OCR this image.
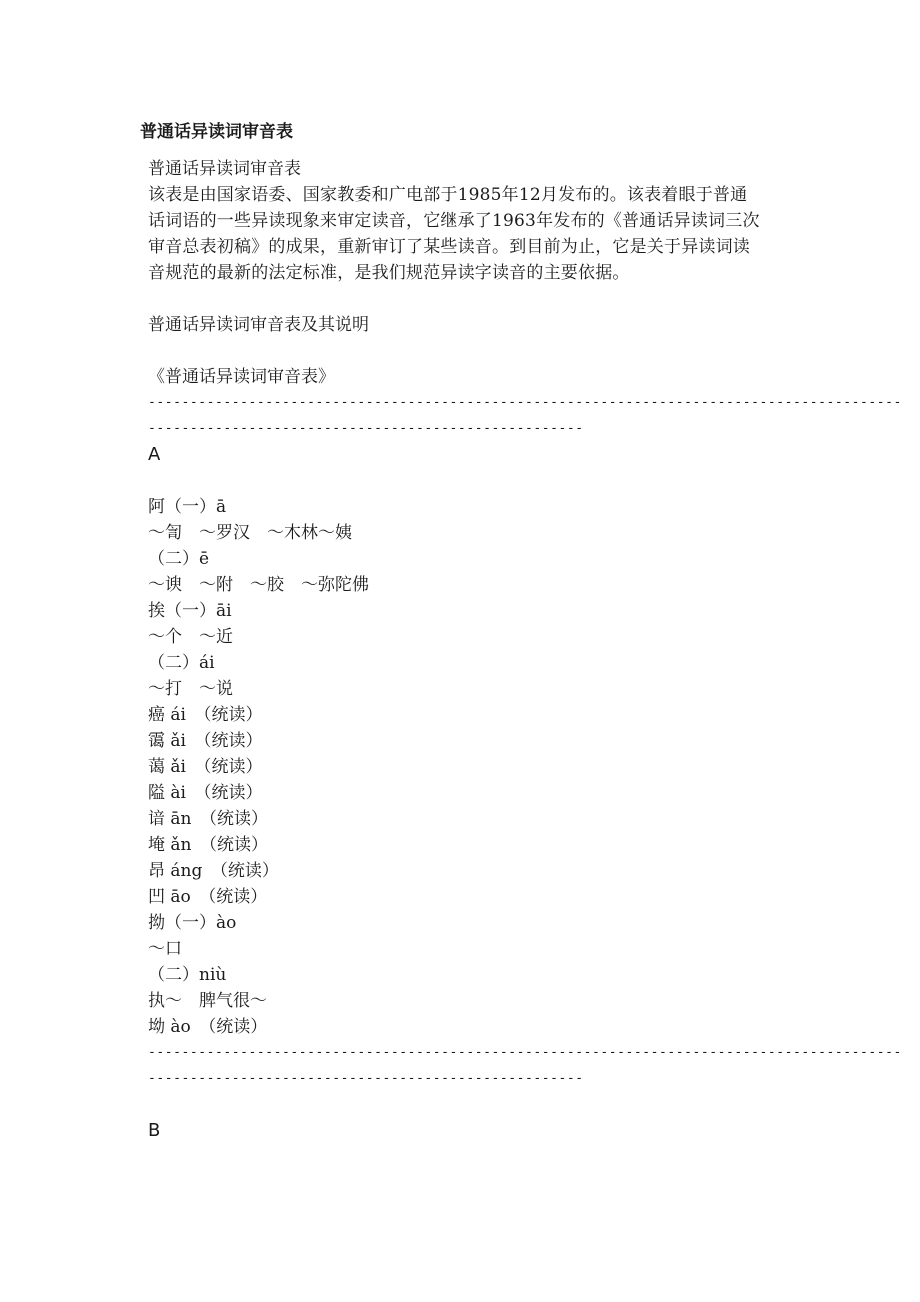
普通话异读词审音表
普通话异读词审音表
该表是由国家语委、国家教委和广电部于1985年12月发布的。该表着眼于普通
话词语的一些异读现象来审定读音，它继承了1963年发布的《普通话异读词三次
审音总表初稿》的成果，重新审订了某些读音。到目前为止，它是关于异读词读
音规范的最新的法定标准，是我们规范异读字读音的主要依据。
普通话异读词审音表及其说明
《普通话异读词审音表》
------------------------------------------------------------------------------------------
----------------------------------------------------
A
阿（一）ā
～訇　～罗汉　～木林～姨
（二）ē
～谀　～附　～胶　～弥陀佛
挨（一）āi
～个　～近
（二）ái
～打　～说
癌 ái　（统读）
霭 ǎi　（统读）
蔼 ǎi　（统读）
隘 ài　（统读）
谙 ān　（统读）
埯 ǎn　（统读）
昂 áng　（统读）
凹 āo　（统读）
拗（一）ào
～口
（二）niù
执～　脾气很～
坳 ào　（统读）
------------------------------------------------------------------------------------------
----------------------------------------------------
B
